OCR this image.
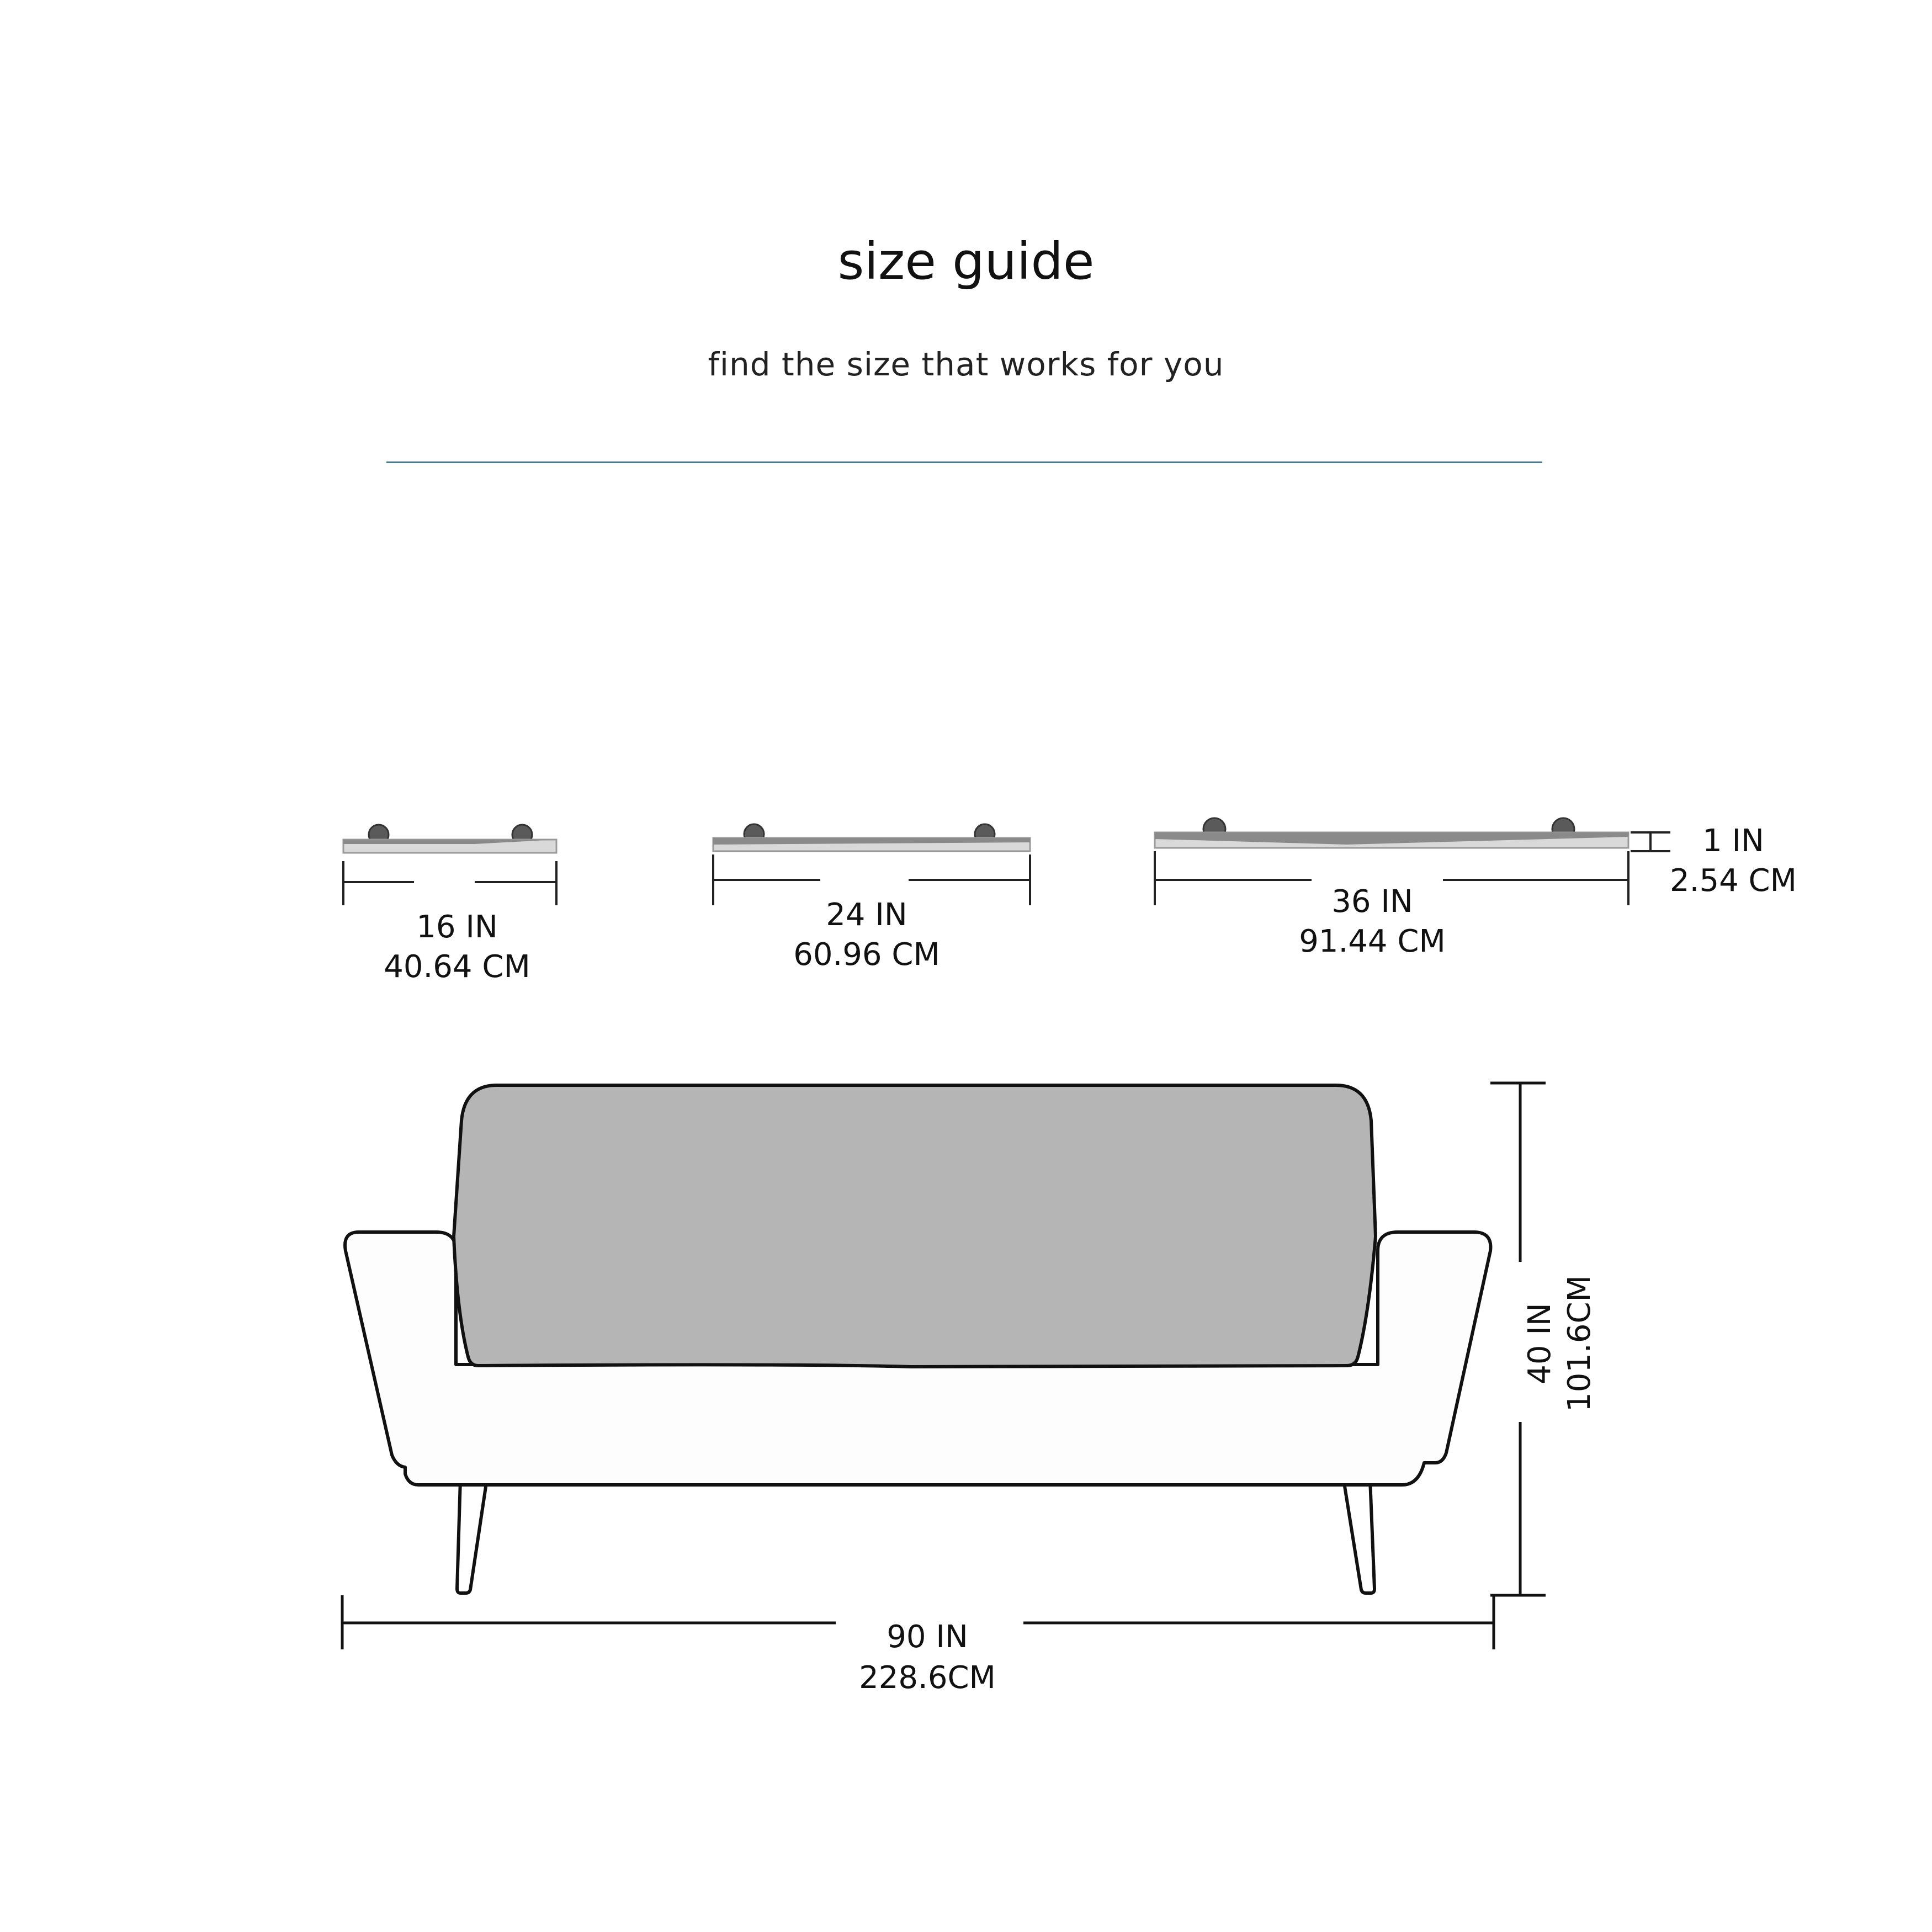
size guide
find the size that works for you
16 IN
40.64 CM
24 IN
60.96 CM
36 IN
91.44 CM
1 IN
2.54 CM
40 IN 101.6CM
90 IN
228.6CM
